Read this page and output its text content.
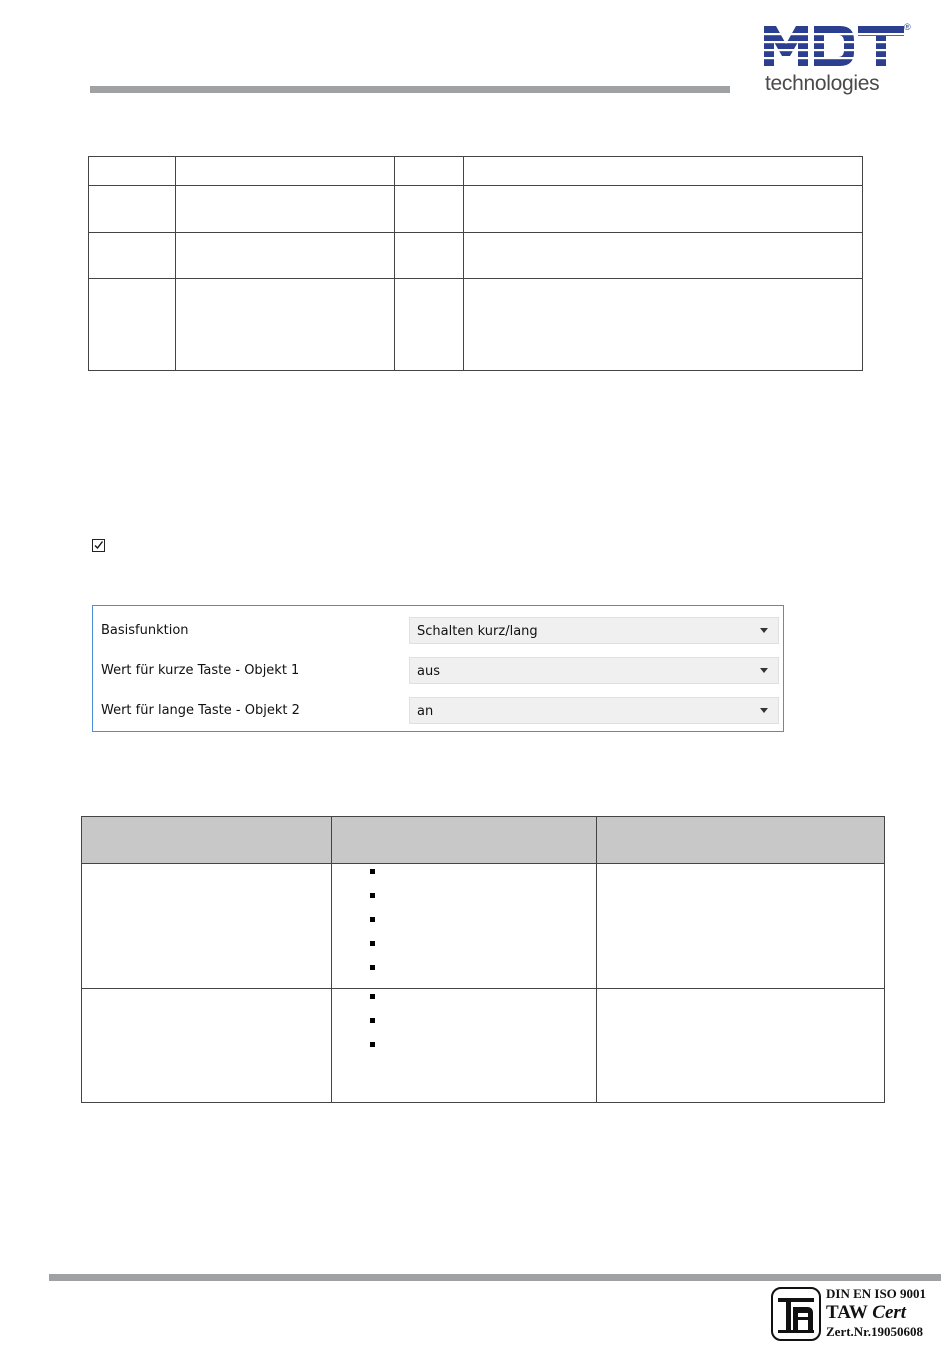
®
technologies

Basisfunktion	Schalten kurz/lang
Wert für kurze Taste - Objekt 1	aus
Wert für lange Taste - Objekt 2	an

DIN EN ISO 9001
TAW Cert
Zert.Nr.19050608
